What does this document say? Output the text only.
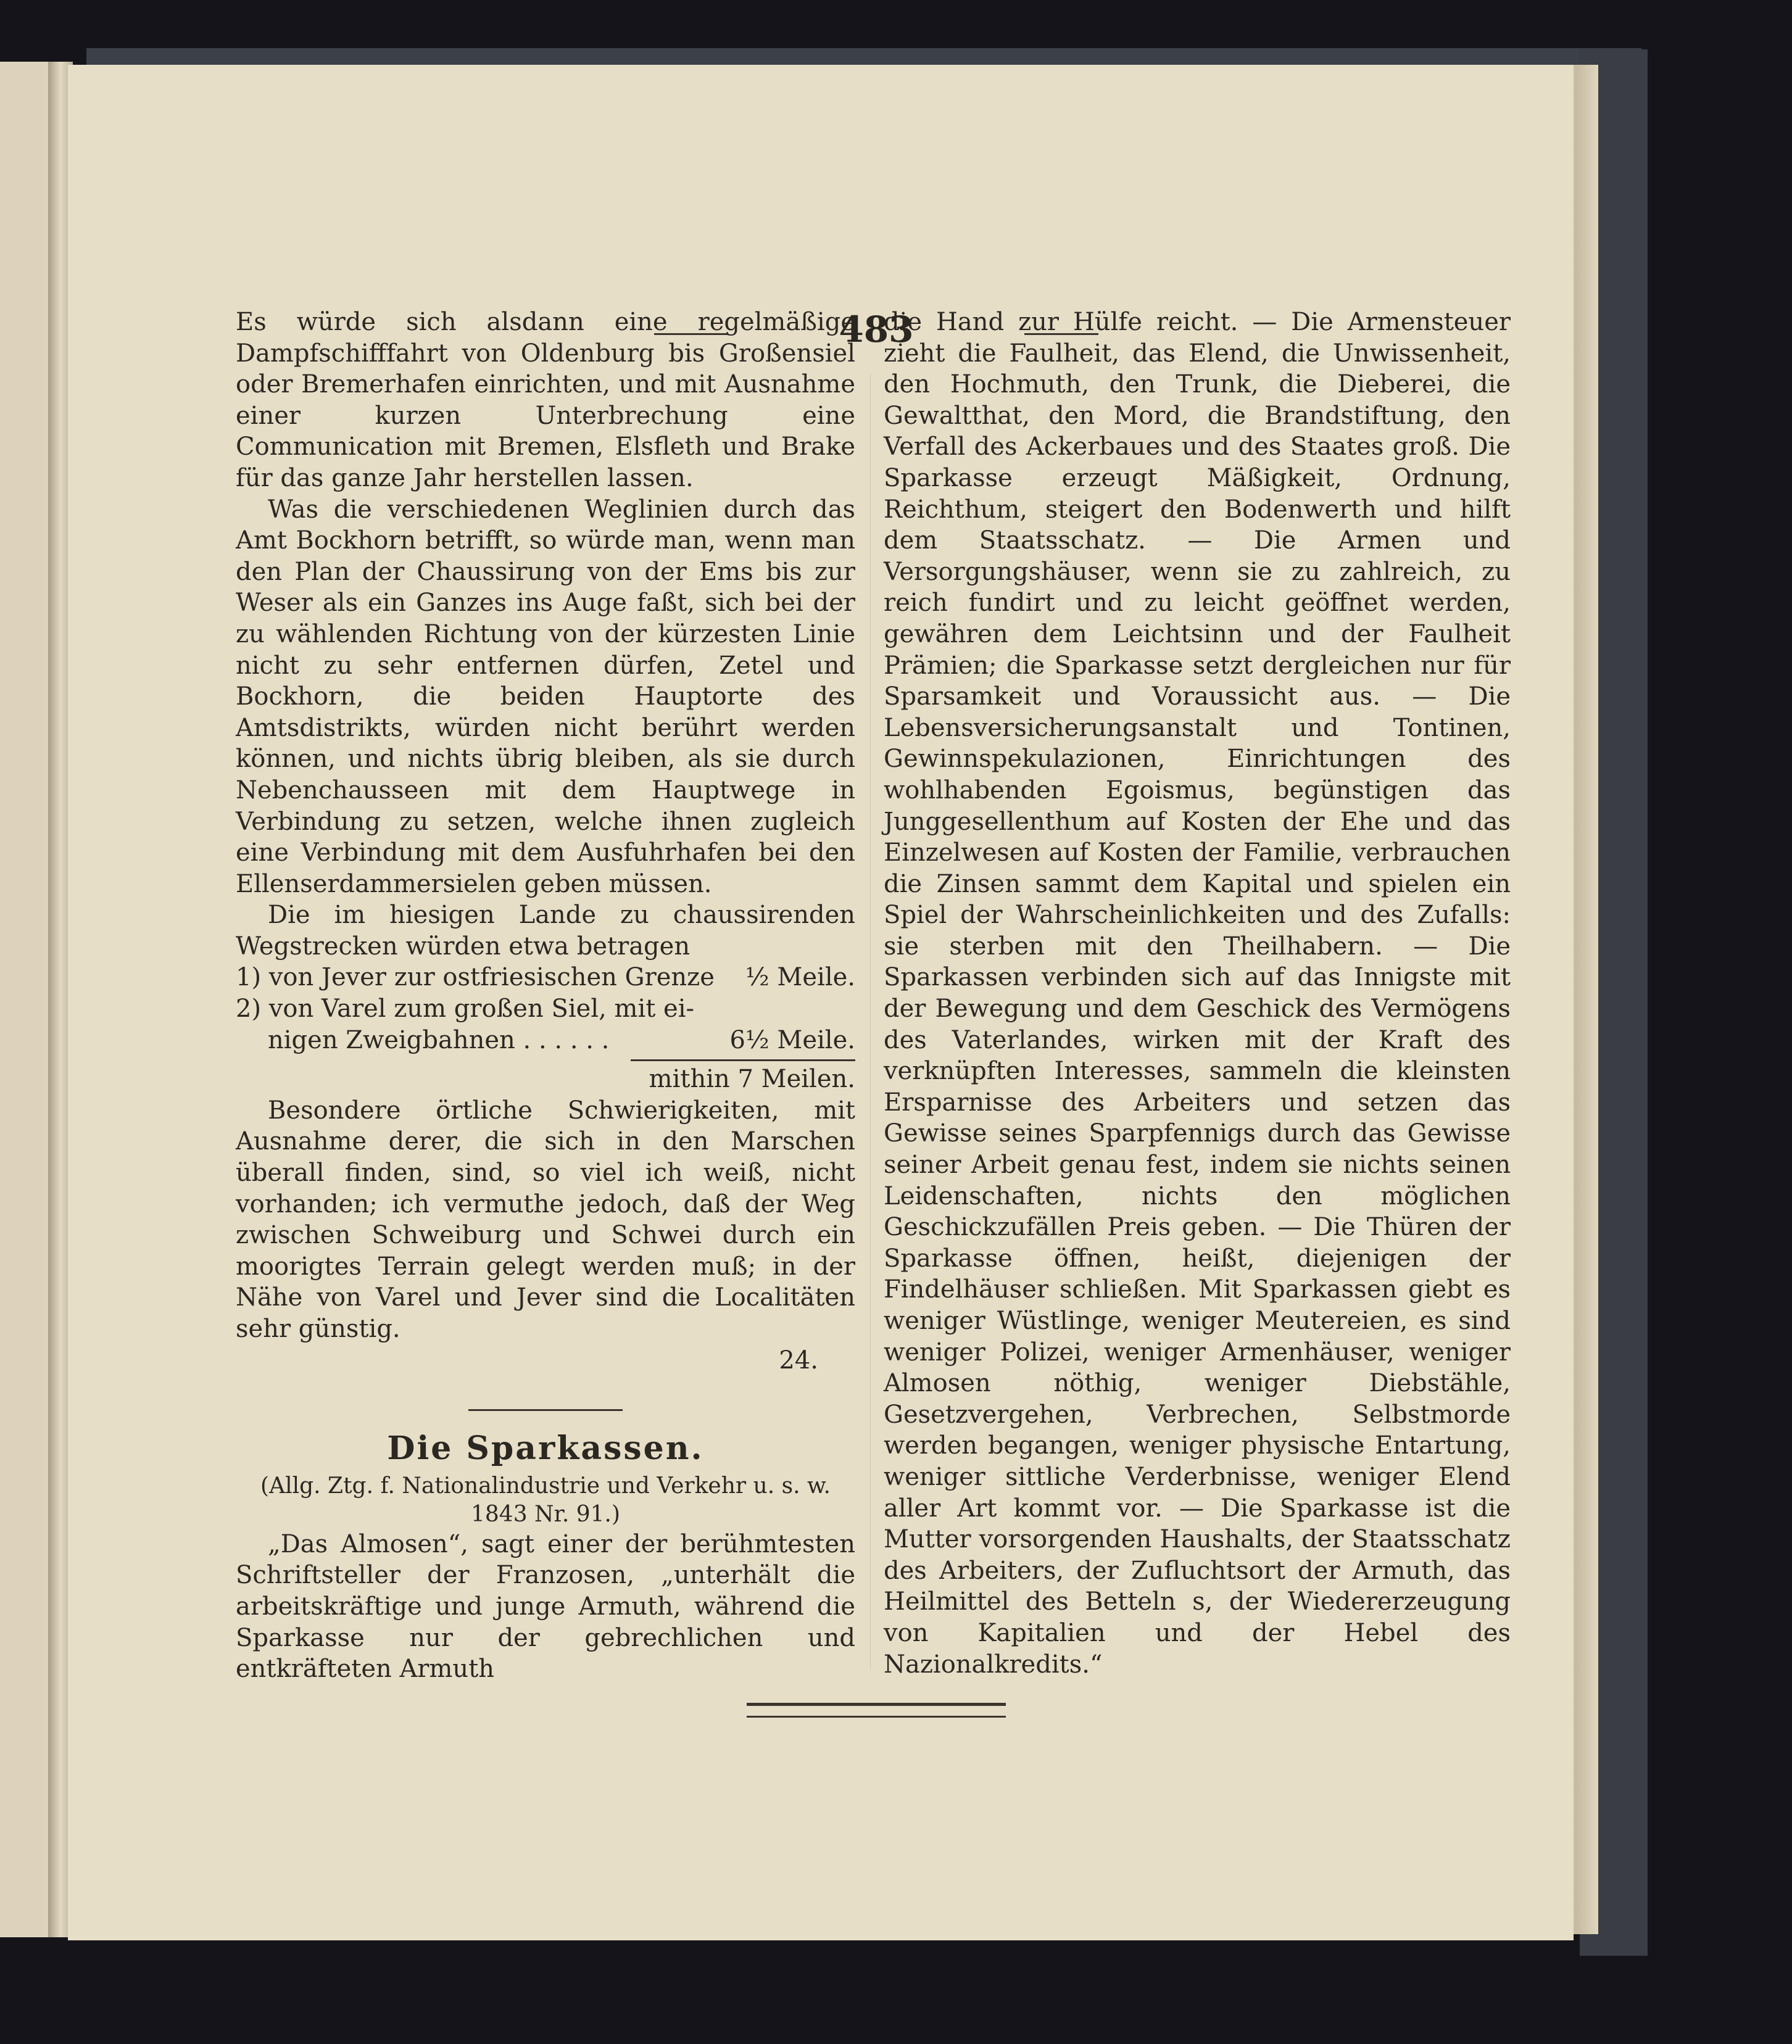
483

Es würde sich alsdann eine regelmäßige Dampfschifffahrt von Oldenburg bis Großensiel oder Bremerhafen einrichten, und mit Ausnahme einer kurzen Unterbrechung eine Communication mit Bremen, Elsfleth und Brake für das ganze Jahr herstellen lassen.

Was die verschiedenen Weglinien durch das Amt Bockhorn betrifft, so würde man, wenn man den Plan der Chaussirung von der Ems bis zur Weser als ein Ganzes ins Auge faßt, sich bei der zu wählenden Richtung von der kürzesten Linie nicht zu sehr entfernen dürfen, Zetel und Bockhorn, die beiden Hauptorte des Amtsdistrikts, würden nicht berührt werden können, und nichts übrig bleiben, als sie durch Nebenchausseen mit dem Hauptwege in Verbindung zu setzen, welche ihnen zugleich eine Verbindung mit dem Ausfuhrhafen bei den Ellenserdammersielen geben müssen.

Die im hiesigen Lande zu chaussirenden Wegstrecken würden etwa betragen

1) von Jever zur ostfriesischen Grenze ½ Meile.
2) von Varel zum großen Siel, mit ei-
nigen Zweigbahnen . . . . . .	6½ Meile.
mithin 7 Meilen.

Besondere örtliche Schwierigkeiten, mit Ausnahme derer, die sich in den Marschen überall finden, sind, so viel ich weiß, nicht vorhanden; ich vermuthe jedoch, daß der Weg zwischen Schweiburg und Schwei durch ein moorigtes Terrain gelegt werden muß; in der Nähe von Varel und Jever sind die Localitäten sehr günstig.

24.
Die Sparkassen.
(Allg. Ztg. f. Nationalindustrie und Verkehr u. s. w.
1843 Nr. 91.)

„Das Almosen“, sagt einer der berühmtesten Schriftsteller der Franzosen, „unterhält die arbeitskräftige und junge Armuth, während die Sparkasse nur der gebrechlichen und entkräfteten Armuth

die Hand zur Hülfe reicht. — Die Armensteuer zieht die Faulheit, das Elend, die Unwissenheit, den Hochmuth, den Trunk, die Dieberei, die Gewaltthat, den Mord, die Brandstiftung, den Verfall des Ackerbaues und des Staates groß. Die Sparkasse erzeugt Mäßigkeit, Ordnung, Reichthum, steigert den Bodenwerth und hilft dem Staatsschatz. — Die Armen und Versorgungshäuser, wenn sie zu zahlreich, zu reich fundirt und zu leicht geöffnet werden, gewähren dem Leichtsinn und der Faulheit Prämien; die Sparkasse setzt dergleichen nur für Sparsamkeit und Voraussicht aus. — Die Lebensversicherungsanstalt und Tontinen, Gewinnspekulazionen, Einrichtungen des wohlhabenden Egoismus, begünstigen das Junggesellenthum auf Kosten der Ehe und das Einzelwesen auf Kosten der Familie, verbrauchen die Zinsen sammt dem Kapital und spielen ein Spiel der Wahrscheinlichkeiten und des Zufalls: sie sterben mit den Theilhabern. — Die Sparkassen verbinden sich auf das Innigste mit der Bewegung und dem Geschick des Vermögens des Vaterlandes, wirken mit der Kraft des verknüpften Interesses, sammeln die kleinsten Ersparnisse des Arbeiters und setzen das Gewisse seines Sparpfennigs durch das Gewisse seiner Arbeit genau fest, indem sie nichts seinen Leidenschaften, nichts den möglichen Geschickzufällen Preis geben. — Die Thüren der Sparkasse öffnen, heißt, diejenigen der Findelhäuser schließen. Mit Sparkassen giebt es weniger Wüstlinge, weniger Meutereien, es sind weniger Polizei, weniger Armenhäuser, weniger Almosen nöthig, weniger Diebstähle, Gesetzvergehen, Verbrechen, Selbstmorde werden begangen, weniger physische Entartung, weniger sittliche Verderbnisse, weniger Elend aller Art kommt vor. — Die Sparkasse ist die Mutter vorsorgenden Haushalts, der Staatsschatz des Arbeiters, der Zufluchtsort der Armuth, das Heilmittel des Betteln s, der Wiedererzeugung von Kapitalien und der Hebel des Nazionalkredits.“
